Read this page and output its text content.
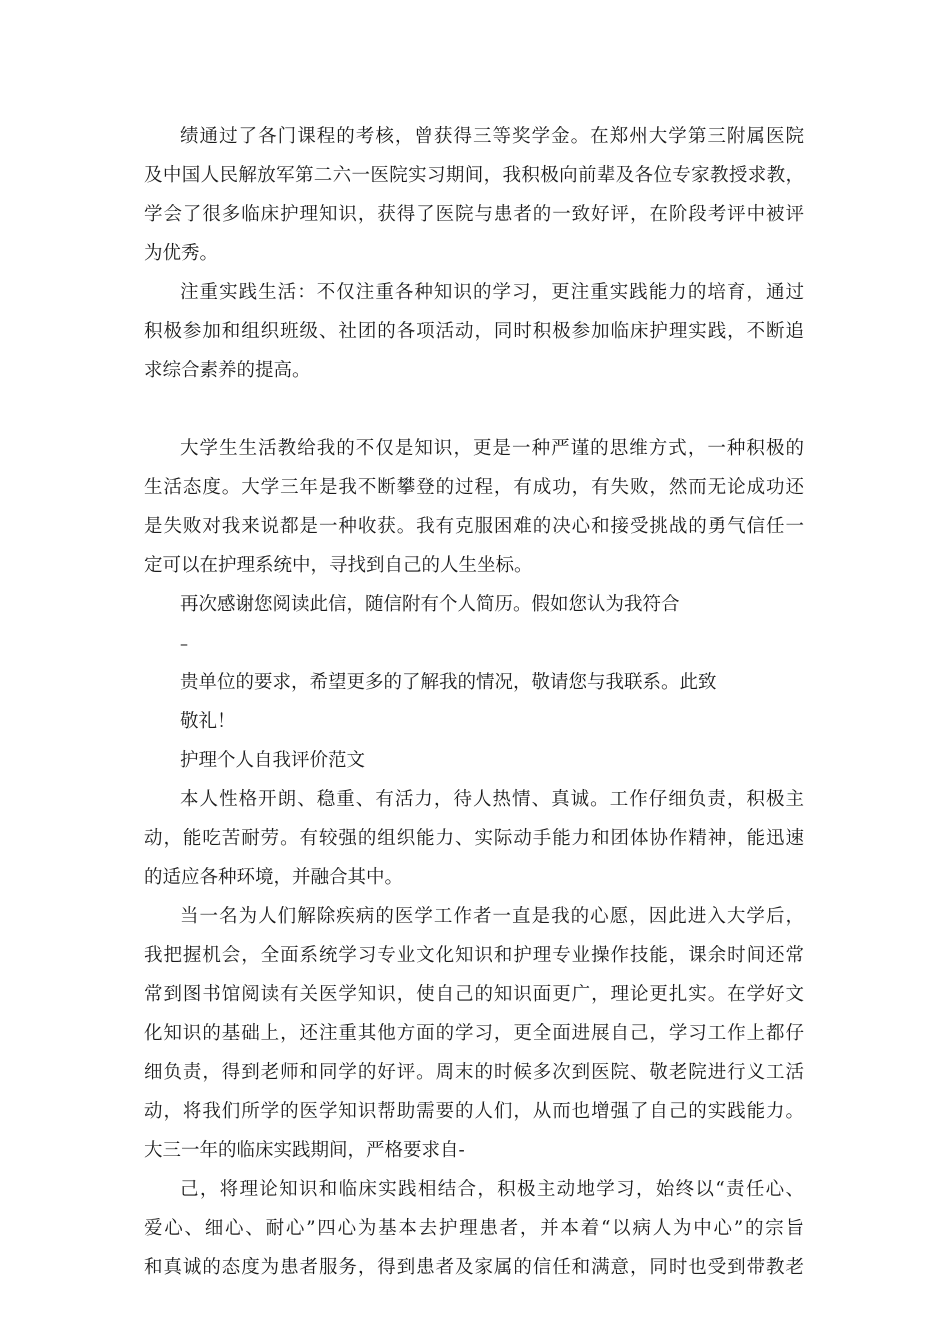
绩通过了各门课程的考核，曾获得三等奖学金。在郑州大学第三附属医院
及中国人民解放军第二六一医院实习期间，我积极向前辈及各位专家教授求教，
学会了很多临床护理知识，获得了医院与患者的一致好评，在阶段考评中被评
为优秀。
注重实践生活：不仅注重各种知识的学习，更注重实践能力的培育，通过
积极参加和组织班级、社团的各项活动，同时积极参加临床护理实践，不断追
求综合素养的提高。
大学生生活教给我的不仅是知识，更是一种严谨的思维方式，一种积极的
生活态度。大学三年是我不断攀登的过程，有成功，有失败，然而无论成功还
是失败对我来说都是一种收获。我有克服困难的决心和接受挑战的勇气信任一
定可以在护理系统中，寻找到自己的人生坐标。
再次感谢您阅读此信，随信附有个人简历。假如您认为我符合
–
贵单位的要求，希望更多的了解我的情况，敬请您与我联系。此致
敬礼！
护理个人自我评价范文
本人性格开朗、稳重、有活力，待人热情、真诚。工作仔细负责，积极主
动，能吃苦耐劳。有较强的组织能力、实际动手能力和团体协作精神，能迅速
的适应各种环境，并融合其中。
当一名为人们解除疾病的医学工作者一直是我的心愿，因此进入大学后，
我把握机会，全面系统学习专业文化知识和护理专业操作技能，课余时间还常
常到图书馆阅读有关医学知识，使自己的知识面更广，理论更扎实。在学好文
化知识的基础上，还注重其他方面的学习，更全面进展自己，学习工作上都仔
细负责，得到老师和同学的好评。周末的时候多次到医院、敬老院进行义工活
动，将我们所学的医学知识帮助需要的人们，从而也增强了自己的实践能力。
大三一年的临床实践期间，严格要求自-
己，将理论知识和临床实践相结合，积极主动地学习，始终以“责任心、
爱心、细心、耐心”四心为基本去护理患者，并本着“以病人为中心”的宗旨
和真诚的态度为患者服务，得到患者及家属的信任和满意，同时也受到带教老
